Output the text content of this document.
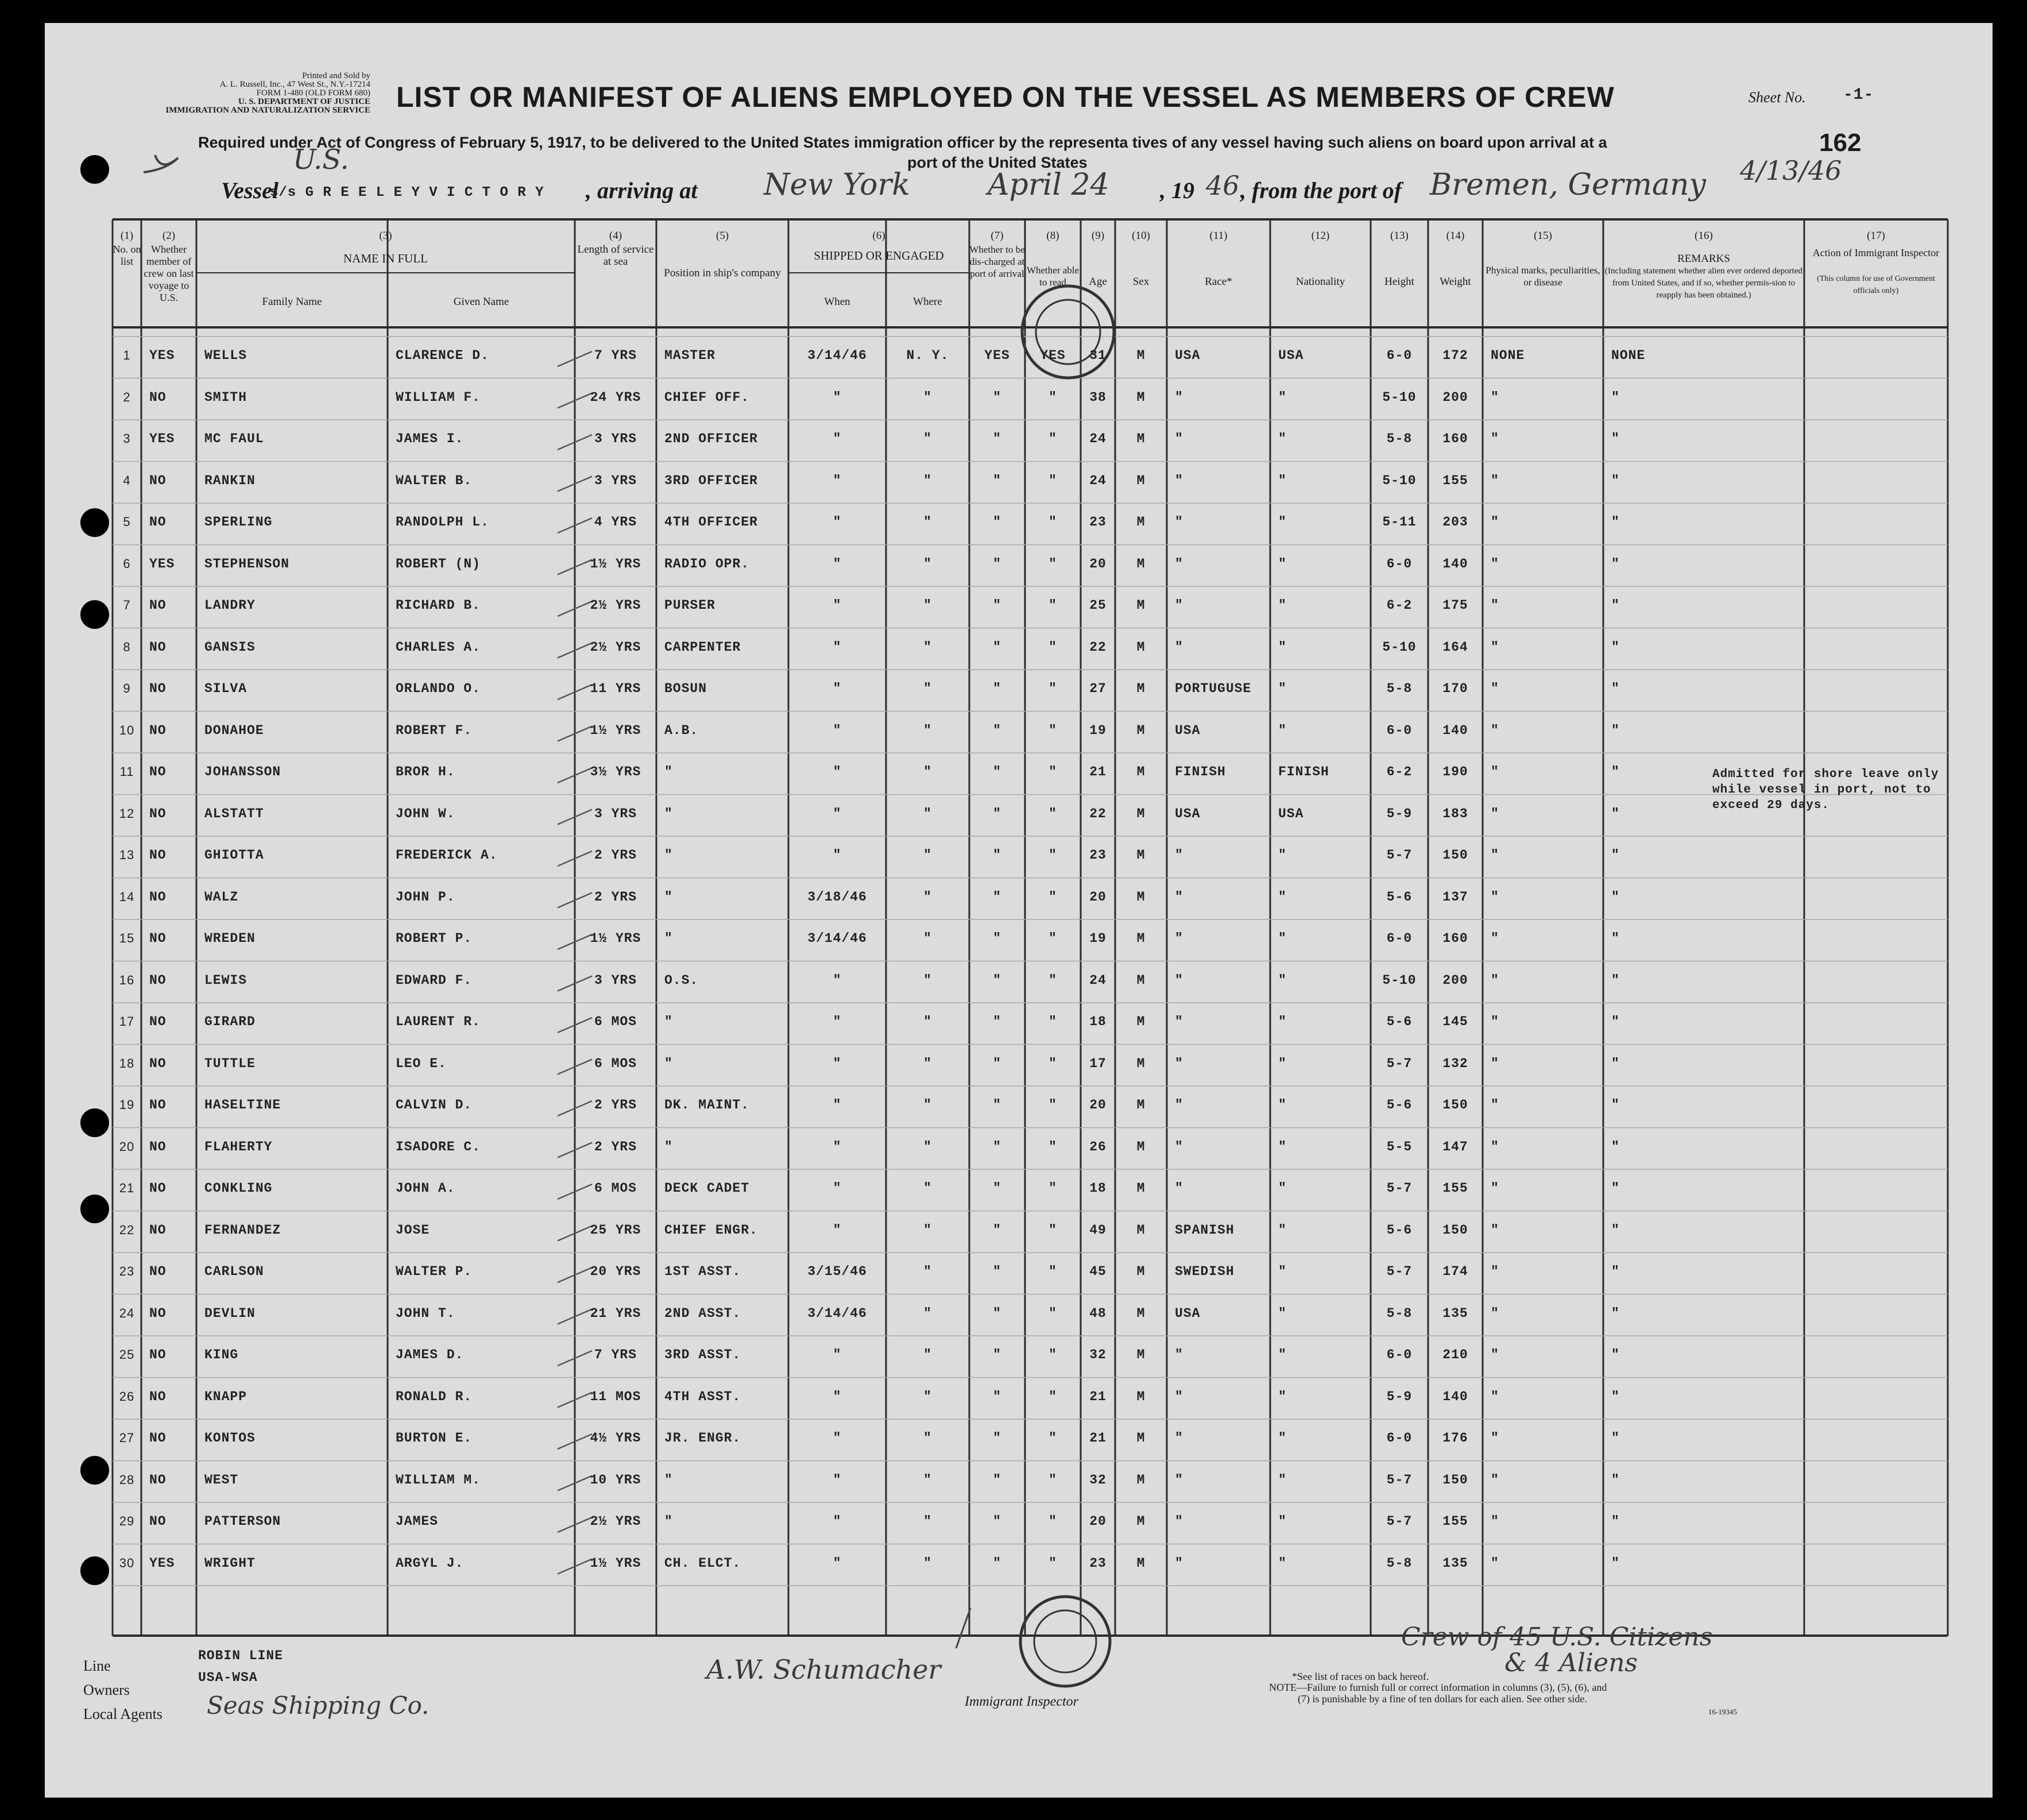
Printed and Sold by
A. L. Russell, Inc., 47 West St., N.Y.-17214
FORM 1-480 (OLD FORM 680)
U. S. DEPARTMENT OF JUSTICE
IMMIGRATION AND NATURALIZATION SERVICE LIST OR MANIFEST OF ALIENS EMPLOYED ON THE VESSEL AS MEMBERS OF CREW	Sheet No. -1-
Required under Act of Congress of February 5, 1917, to be delivered to the United States immigration officer by the representa tives of any vessel having such aliens on board upon arrival at a
port of the United States
162
U.S.	4/13/46
Vessel
s/s G R E E L E Y V I C T O R Y , arriving at New York	April 24 , 19 46 , from the port of Bremen, Germany
(1)
No. on list
(2)
Whether member of crew on last voyage to U.S.
(3)
NAME IN FULL
Family Name	Given Name
(4)
Length of service at sea
(5)
Position in ship's company
(6)
SHIPPED OR ENGAGED
When	Where
(7)
Whether to be dis-charged at port of arrival
(8)
Whether able to read
(9)
Age
(10)
Sex
(11)
Race*
(12)
Nationality
(13)
Height
(14)
Weight
(15)
Physical marks, peculiarities, or disease
(16)
REMARKS
(Including statement whether alien ever ordered deported from United States, and if so, whether permis-sion to reapply has been obtained.)
(17)
Action of Immigrant Inspector
(This column for use of Government officials only)
1	YES	WELLS	CLARENCE D.	7 YRS	MASTER	3/14/46	N. Y.	YES	YES	31	M	USA	USA	6-0	172	NONE	NONE
2	NO	SMITH	WILLIAM F.	24 YRS	CHIEF OFF.	"	"	"	"	38	M	"	"	5-10	200	"	"
3	YES	MC FAUL	JAMES I.	3 YRS	2ND OFFICER	"	"	"	"	24	M	"	"	5-8	160	"	"
4	NO	RANKIN	WALTER B.	3 YRS	3RD OFFICER	"	"	"	"	24	M	"	"	5-10	155	"	"
5	NO	SPERLING	RANDOLPH L.	4 YRS	4TH OFFICER	"	"	"	"	23	M	"	"	5-11	203	"	"
6	YES	STEPHENSON	ROBERT (N)	1½ YRS	RADIO OPR.	"	"	"	"	20	M	"	"	6-0	140	"	"
7	NO	LANDRY	RICHARD B.	2½ YRS	PURSER	"	"	"	"	25	M	"	"	6-2	175	"	"
8	NO	GANSIS	CHARLES A.	2½ YRS	CARPENTER	"	"	"	"	22	M	"	"	5-10	164	"	"
9	NO	SILVA	ORLANDO O.	11 YRS	BOSUN	"	"	"	"	27	M	PORTUGUSE	"	5-8	170	"	"
10	NO	DONAHOE	ROBERT F.	1½ YRS	A.B.	"	"	"	"	19	M	USA	"	6-0	140	"	"
11	NO	JOHANSSON	BROR H.	3½ YRS	"	"	"	"	"	21	M	FINISH	FINISH	6-2	190	"	"
12	NO	ALSTATT	JOHN W.	3 YRS	"	"	"	"	"	22	M	USA	USA	5-9	183	"	"
13	NO	GHIOTTA	FREDERICK A.	2 YRS	"	"	"	"	"	23	M	"	"	5-7	150	"	"
14	NO	WALZ	JOHN P.	2 YRS	"	3/18/46	"	"	"	20	M	"	"	5-6	137	"	"
15	NO	WREDEN	ROBERT P.	1½ YRS	"	3/14/46	"	"	"	19	M	"	"	6-0	160	"	"
16	NO	LEWIS	EDWARD F.	3 YRS	O.S.	"	"	"	"	24	M	"	"	5-10	200	"	"
17	NO	GIRARD	LAURENT R.	6 MOS	"	"	"	"	"	18	M	"	"	5-6	145	"	"
18	NO	TUTTLE	LEO E.	6 MOS	"	"	"	"	"	17	M	"	"	5-7	132	"	"
19	NO	HASELTINE	CALVIN D.	2 YRS	DK. MAINT.	"	"	"	"	20	M	"	"	5-6	150	"	"
20	NO	FLAHERTY	ISADORE C.	2 YRS	"	"	"	"	"	26	M	"	"	5-5	147	"	"
21	NO	CONKLING	JOHN A.	6 MOS	DECK CADET	"	"	"	"	18	M	"	"	5-7	155	"	"
22	NO	FERNANDEZ	JOSE	25 YRS	CHIEF ENGR.	"	"	"	"	49	M	SPANISH	"	5-6	150	"	"
23	NO	CARLSON	WALTER P.	20 YRS	1ST ASST.	3/15/46	"	"	"	45	M	SWEDISH	"	5-7	174	"	"
24	NO	DEVLIN	JOHN T.	21 YRS	2ND ASST.	3/14/46	"	"	"	48	M	USA	"	5-8	135	"	"
25	NO	KING	JAMES D.	7 YRS	3RD ASST.	"	"	"	"	32	M	"	"	6-0	210	"	"
26	NO	KNAPP	RONALD R.	11 MOS	4TH ASST.	"	"	"	"	21	M	"	"	5-9	140	"	"
27	NO	KONTOS	BURTON E.	4½ YRS	JR. ENGR.	"	"	"	"	21	M	"	"	6-0	176	"	"
28	NO	WEST	WILLIAM M.	10 YRS	"	"	"	"	"	32	M	"	"	5-7	150	"	"
29	NO	PATTERSON	JAMES	2½ YRS	"	"	"	"	"	20	M	"	"	5-7	155	"	"
30	YES	WRIGHT	ARGYL J.	1½ YRS	CH. ELCT.	"	"	"	"	23	M	"	"	5-8	135	"	"
Admitted for shore leave only
while vessel in port, not to
exceed 29 days.
Line
ROBIN LINE
Owners
USA-WSA
Local Agents Seas Shipping Co.
A.W. Schumacher
Immigrant Inspector
Crew of 45 U.S. Citizens
& 4 Aliens
*See list of races on back hereof.
NOTE—Failure to furnish full or correct information in columns (3), (5), (6), and
(7) is punishable by a fine of ten dollars for each alien. See other side.
16-19345
